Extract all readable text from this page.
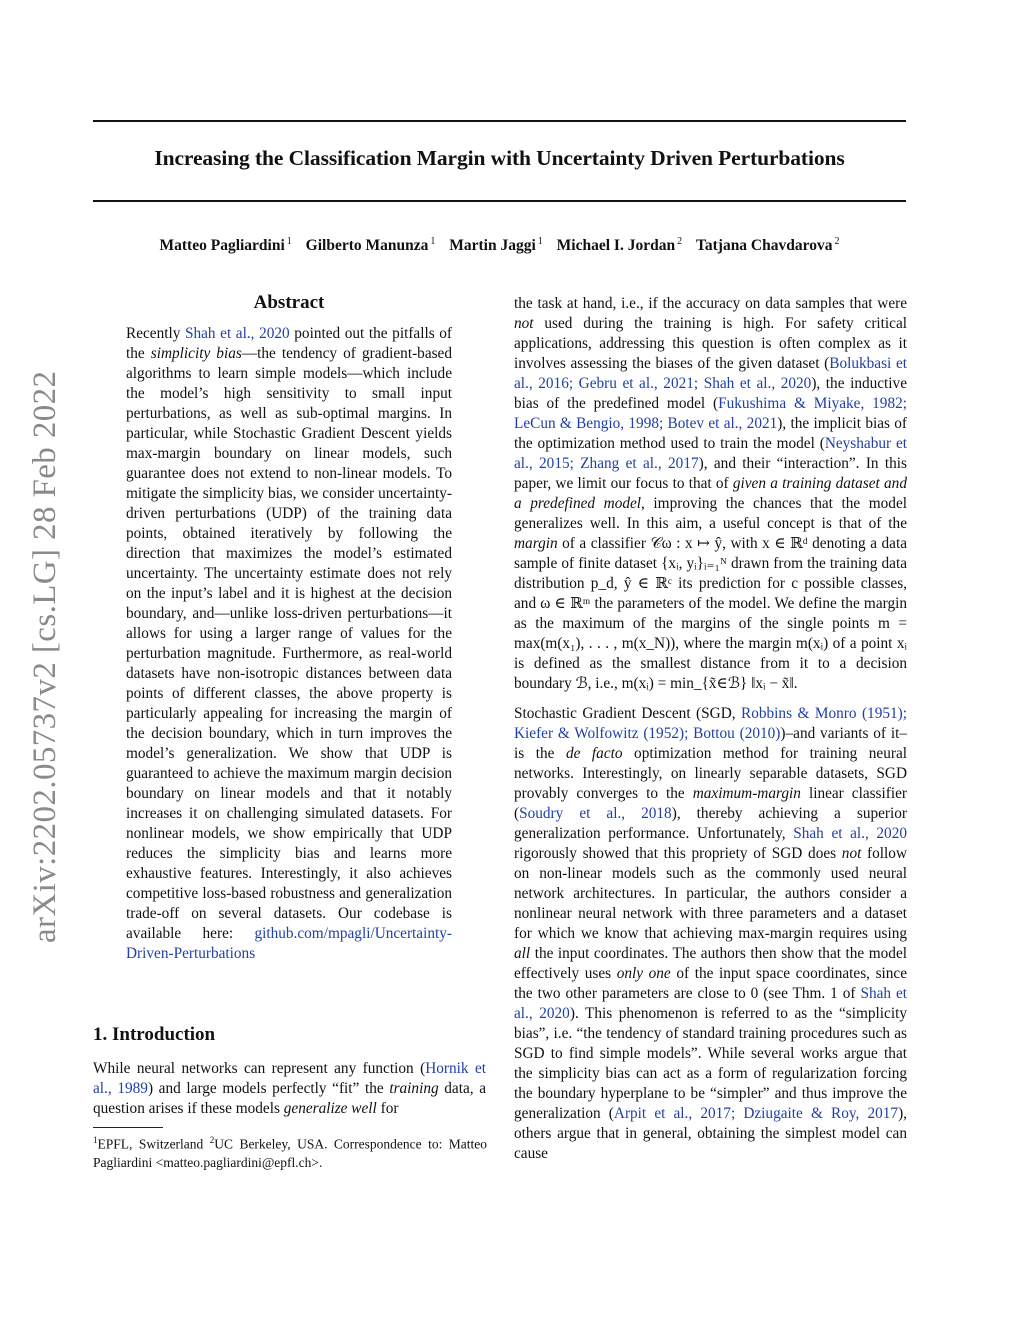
Increasing the Classification Margin with Uncertainty Driven Perturbations
Matteo Pagliardini $^1$ Gilberto Manunza $^1$ Martin Jaggi $^1$ Michael I. Jordan $^2$ Tatjana Chavdarova $^2$
arXiv:2202.05737v2 [cs.LG] 28 Feb 2022
Abstract

Recently Shah et al., 2020 pointed out the pitfalls of the simplicity bias—the tendency of gradient-based algorithms to learn simple models—which include the model’s high sensitivity to small input perturbations, as well as sub-optimal margins. In particular, while Stochastic Gradient Descent yields max-margin boundary on linear models, such guarantee does not extend to non-linear models. To mitigate the simplicity bias, we consider uncertainty-driven perturbations (UDP) of the training data points, obtained iteratively by following the direction that maximizes the model’s estimated uncertainty. The uncertainty estimate does not rely on the input’s label and it is highest at the decision boundary, and—unlike loss-driven perturbations—it allows for using a larger range of values for the perturbation magnitude. Furthermore, as real-world datasets have non-isotropic distances between data points of different classes, the above property is particularly appealing for increasing the margin of the decision boundary, which in turn improves the model’s generalization. We show that UDP is guaranteed to achieve the maximum margin decision boundary on linear models and that it notably increases it on challenging simulated datasets. For nonlinear models, we show empirically that UDP reduces the simplicity bias and learns more exhaustive features. Interestingly, it also achieves competitive loss-based robustness and generalization trade-off on several datasets. Our codebase is available here: github.com/mpagli/Uncertainty-Driven-Perturbations

1. Introduction

While neural networks can represent any function (Hornik et al., 1989) and large models perfectly “fit” the training data, a question arises if these models generalize well for

$^1$EPFL, Switzerland $^2$UC Berkeley, USA. Correspondence to: Matteo Pagliardini <matteo.pagliardini@epfl.ch>.

the task at hand, i.e., if the accuracy on data samples that were not used during the training is high. For safety critical applications, addressing this question is often complex as it involves assessing the biases of the given dataset (Bolukbasi et al., 2016; Gebru et al., 2021; Shah et al., 2020), the inductive bias of the predefined model (Fukushima & Miyake, 1982; LeCun & Bengio, 1998; Botev et al., 2021), the implicit bias of the optimization method used to train the model (Neyshabur et al., 2015; Zhang et al., 2017), and their “interaction”. In this paper, we limit our focus to that of given a training dataset and a predefined model, improving the chances that the model generalizes well. In this aim, a useful concept is that of the margin of a classifier 𝒞ω : x ↦ ŷ, with x ∈ ℝᵈ denoting a data sample of finite dataset {xᵢ, yᵢ}ᵢ₌₁ᴺ drawn from the training data distribution p_d, ŷ ∈ ℝᶜ its prediction for c possible classes, and ω ∈ ℝᵐ the parameters of the model. We define the margin as the maximum of the margins of the single points m = max(m(x₁), . . . , m(x_N)), where the margin m(xᵢ) of a point xᵢ is defined as the smallest distance from it to a decision boundary ℬ, i.e., m(xᵢ) = min_{x̃∈ℬ} ‖xᵢ − x̃‖.

Stochastic Gradient Descent (SGD, Robbins & Monro (1951); Kiefer & Wolfowitz (1952); Bottou (2010))–and variants of it–is the de facto optimization method for training neural networks. Interestingly, on linearly separable datasets, SGD provably converges to the maximum-margin linear classifier (Soudry et al., 2018), thereby achieving a superior generalization performance. Unfortunately, Shah et al., 2020 rigorously showed that this propriety of SGD does not follow on non-linear models such as the commonly used neural network architectures. In particular, the authors consider a nonlinear neural network with three parameters and a dataset for which we know that achieving max-margin requires using all the input coordinates. The authors then show that the model effectively uses only one of the input space coordinates, since the two other parameters are close to 0 (see Thm. 1 of Shah et al., 2020). This phenomenon is referred to as the “simplicity bias”, i.e. “the tendency of standard training procedures such as SGD to find simple models”. While several works argue that the simplicity bias can act as a form of regularization forcing the boundary hyperplane to be “simpler” and thus improve the generalization (Arpit et al., 2017; Dziugaite & Roy, 2017), others argue that in general, obtaining the simplest model can cause
